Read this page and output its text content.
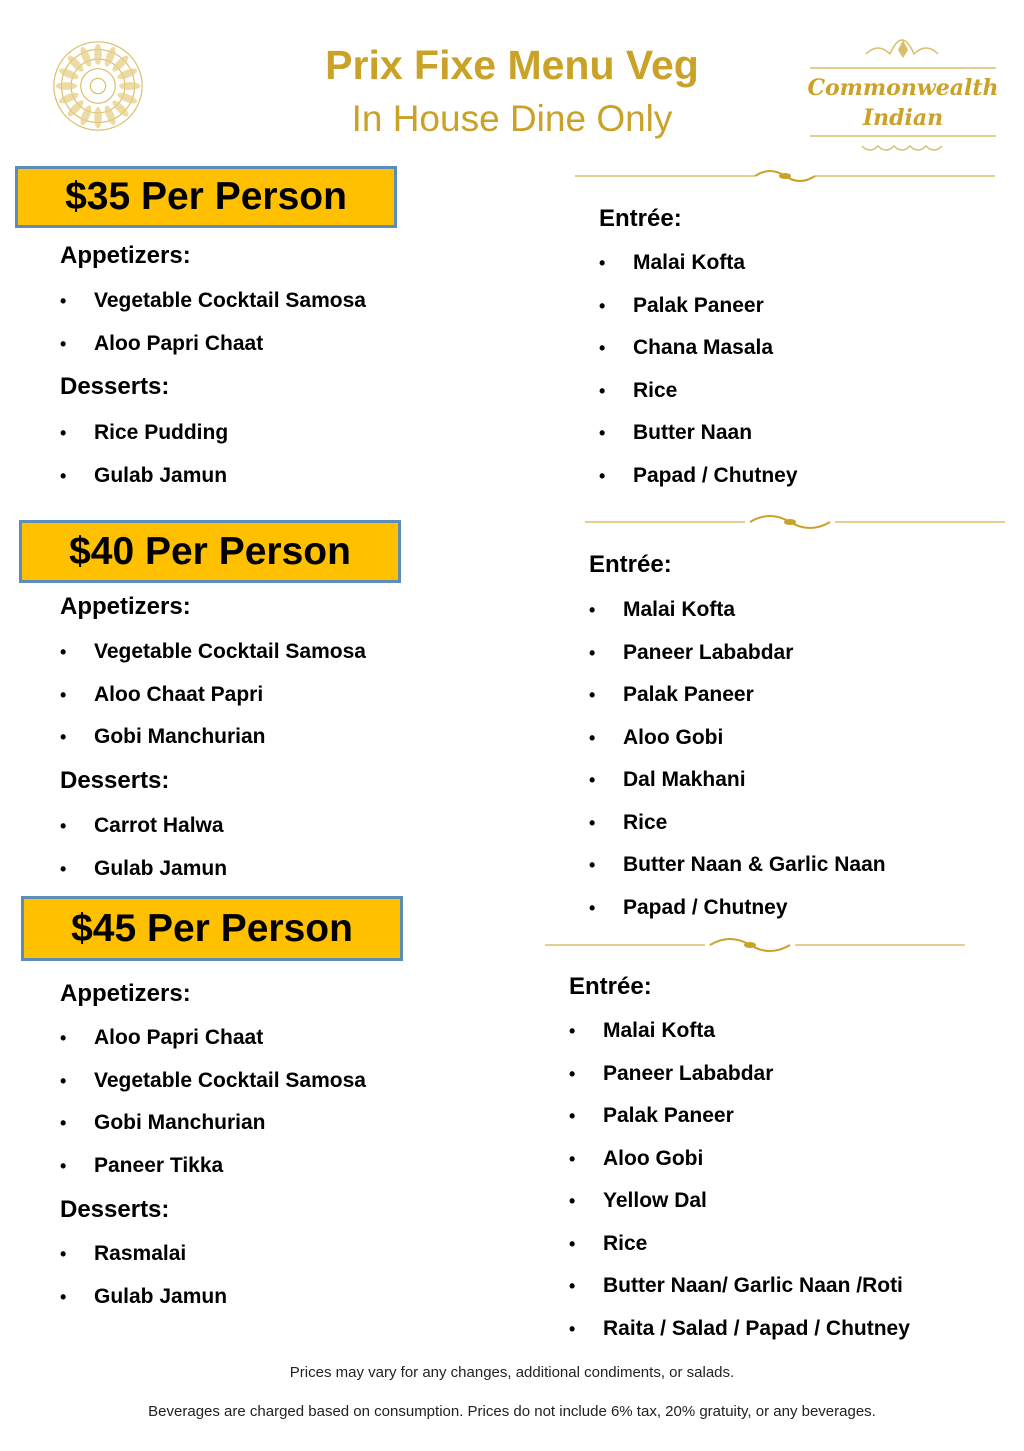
Prix Fixe Menu Veg
In House Dine Only
Commonwealth
Indian
$35 Per Person
Appetizers:
• Vegetable Cocktail Samosa
• Aloo Papri Chaat
Desserts:
• Rice Pudding
• Gulab Jamun
Entrée:
• Malai Kofta
• Palak Paneer
• Chana Masala
• Rice
• Butter Naan
• Papad / Chutney
$40 Per Person
Appetizers:
• Vegetable Cocktail Samosa
• Aloo Chaat Papri
• Gobi Manchurian
Desserts:
• Carrot Halwa
• Gulab Jamun
Entrée:
• Malai Kofta
• Paneer Lababdar
• Palak Paneer
• Aloo Gobi
• Dal Makhani
• Rice
• Butter Naan & Garlic Naan
• Papad / Chutney
$45 Per Person
Appetizers:
• Aloo Papri Chaat
• Vegetable Cocktail Samosa
• Gobi Manchurian
• Paneer Tikka
Desserts:
• Rasmalai
• Gulab Jamun
Entrée:
• Malai Kofta
• Paneer Lababdar
• Palak Paneer
• Aloo Gobi
• Yellow Dal
• Rice
• Butter Naan/ Garlic Naan /Roti
• Raita / Salad / Papad / Chutney
Prices may vary for any changes, additional condiments, or salads.
Beverages are charged based on consumption. Prices do not include 6% tax, 20% gratuity, or any beverages.
